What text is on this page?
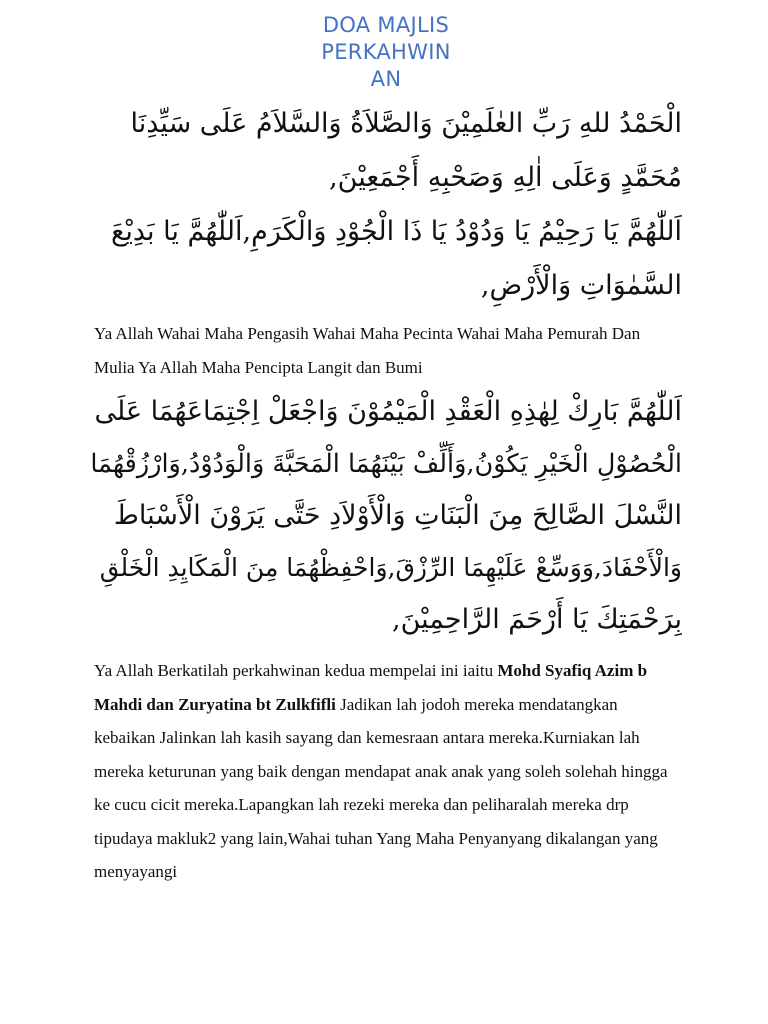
DOA MAJLIS
PERKAHWIN
AN
الْحَمْدُ للهِ رَبِّ العٰلَمِيْنَ وَالصَّلاَةُ وَالسَّلاَمُ عَلَى سَيِّدِنَا
مُحَمَّدٍ وَعَلَى اٰلِهِ وَصَحْبِهِ أَجْمَعِيْنَ,
اَللّٰهُمَّ يَا رَحِيْمُ يَا وَدُوْدُ يَا ذَا الْجُوْدِ وَالْكَرَمِ,اَللّٰهُمَّ يَا بَدِيْعَ
السَّمٰوَاتِ وَالْأَرْضِ,

Ya Allah Wahai Maha Pengasih Wahai Maha Pecinta Wahai Maha Pemurah Dan Mulia Ya Allah Maha Pencipta Langit dan Bumi

اَللّٰهُمَّ بَارِكْ لِهٰذِهِ الْعَقْدِ الْمَيْمُوْنَ وَاجْعَلْ اِجْتِمَاعَهُمَا عَلَى
الْحُصُوْلِ الْخَيْرِ يَكُوْنُ,وَأَلِّفْ بَيْنَهُمَا الْمَحَبَّةَ وَالْوَدُوْدُ,وَارْزُقْهُمَا
النَّسْلَ الصَّالِحَ مِنَ الْبَنَاتِ وَالْأَوْلاَدِ حَتَّى يَرَوْنَ الْأَسْبَاطَ
وَالْأَحْفَادَ,وَوَسِّعْ عَلَيْهِمَا الرِّزْقَ,وَاحْفِظْهُمَا مِنَ الْمَكَايِدِ الْخَلْقِ
بِرَحْمَتِكَ يَا أَرْحَمَ الرَّاحِمِيْنَ,

Ya Allah Berkatilah perkahwinan kedua mempelai ini iaitu Mohd Syafiq Azim b Mahdi dan Zuryatina bt Zulkfifli Jadikan lah jodoh mereka mendatangkan kebaikan Jalinkan lah kasih sayang dan kemesraan antara mereka.Kurniakan lah mereka keturunan yang baik dengan mendapat anak anak yang soleh solehah hingga ke cucu cicit mereka.Lapangkan lah rezeki mereka dan peliharalah mereka drp tipudaya makluk2 yang lain,Wahai tuhan Yang Maha Penyanyang dikalangan yang menyayangi
